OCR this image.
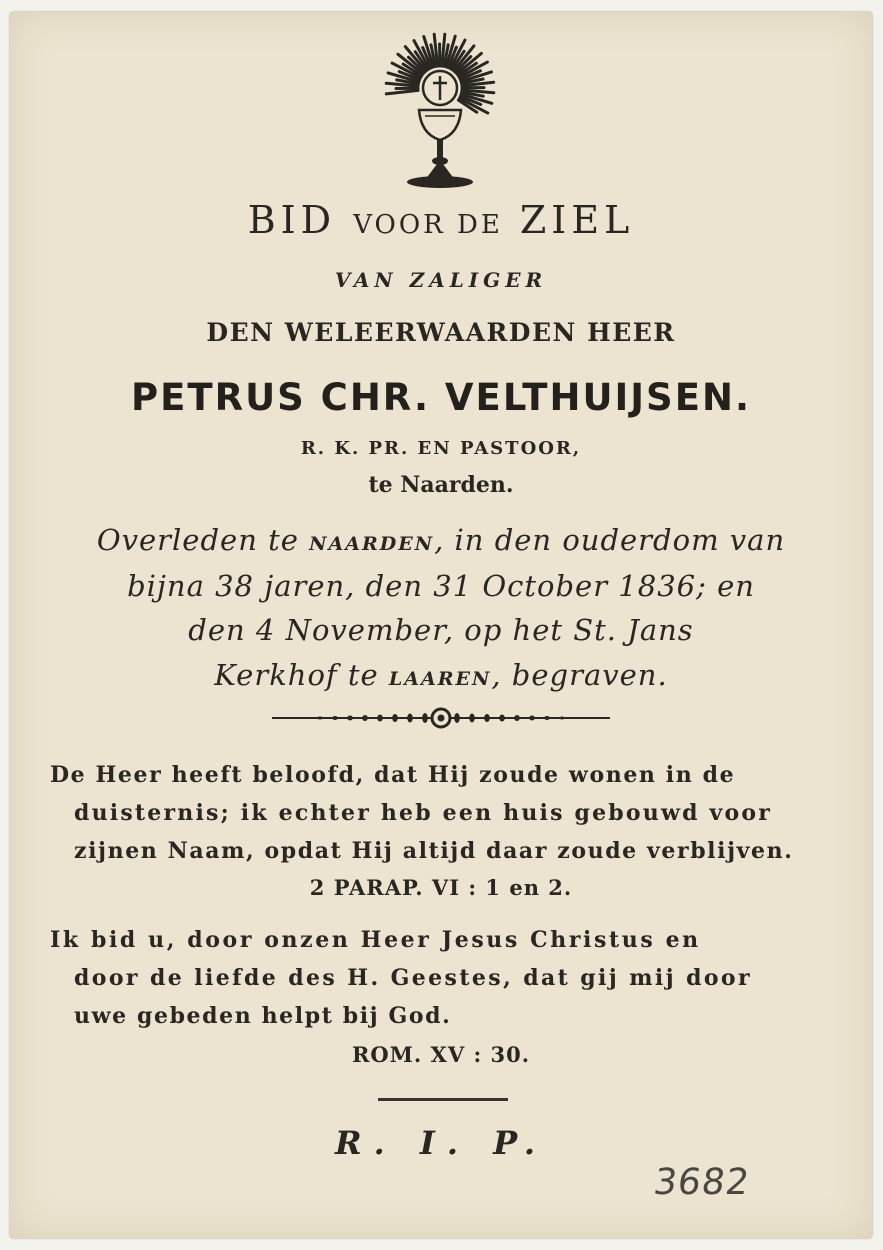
BID VOOR DE ZIEL
VAN ZALIGER
DEN WELEERWAARDEN HEER
PETRUS CHR. VELTHUIJSEN.
R. K. PR. EN PASTOOR,
te Naarden.
Overleden te NAARDEN, in den ouderdom van
bijna 38 jaren, den 31 October 1836; en
den 4 November, op het St. Jans
Kerkhof te LAAREN, begraven.
De Heer heeft beloofd, dat Hij zoude wonen in de
duisternis; ik echter heb een huis gebouwd voor
zijnen Naam, opdat Hij altijd daar zoude verblijven.
2 PARAP. VI : 1 en 2.
Ik bid u, door onzen Heer Jesus Christus en
door de liefde des H. Geestes, dat gij mij door
uwe gebeden helpt bij God.
ROM. XV : 30.
R. I. P.
3682
